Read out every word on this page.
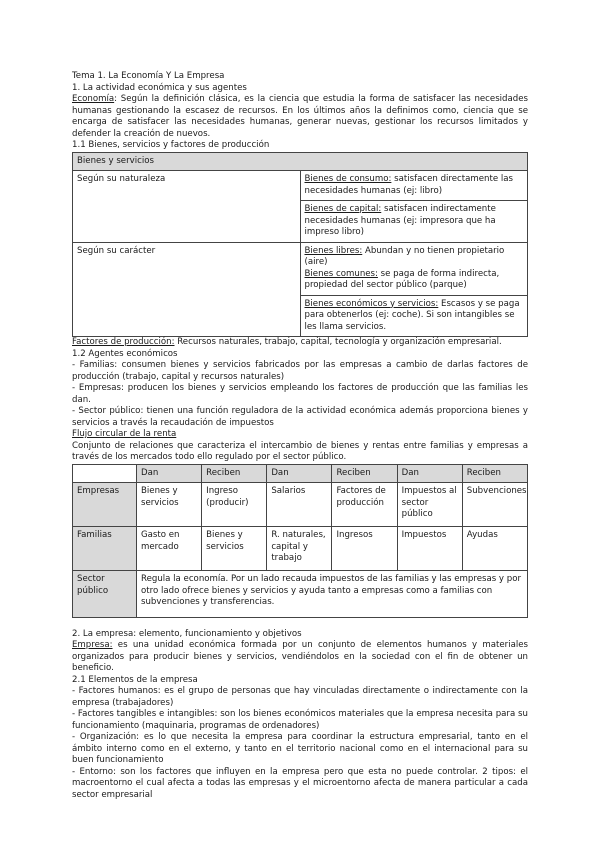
Tema 1. La Economía Y La Empresa

1. La actividad económica y sus agentes

Economía: Según la definición clásica, es la ciencia que estudia la forma de satisfacer las necesidades humanas gestionando la escasez de recursos. En los últimos años la definimos como, ciencia que se encarga de satisfacer las necesidades humanas, generar nuevas, gestionar los recursos limitados y defender la creación de nuevos.

1.1 Bienes, servicios y factores de producción

Bienes y servicios	
Según su naturaleza	Bienes de consumo: satisfacen directamente las necesidades humanas (ej: libro)
	Bienes de capital: satisfacen indirectamente necesidades humanas (ej: impresora que ha impreso libro)
Según su carácter	Bienes libres: Abundan y no tienen propietario (aire)
Bienes comunes: se paga de forma indirecta, propiedad del sector público (parque)
	Bienes económicos y servicios: Escasos y se paga para obtenerlos (ej: coche). Si son intangibles se les llama servicios.

Factores de producción: Recursos naturales, trabajo, capital, tecnología y organización empresarial.

1.2 Agentes económicos

- Familias: consumen bienes y servicios fabricados por las empresas a cambio de darlas factores de producción (trabajo, capital y recursos naturales)

- Empresas: producen los bienes y servicios empleando los factores de producción que las familias les dan.

- Sector público: tienen una función reguladora de la actividad económica además proporciona bienes y servicios a través la recaudación de impuestos

Flujo circular de la renta

Conjunto de relaciones que caracteriza el intercambio de bienes y rentas entre familias y empresas a través de los mercados todo ello regulado por el sector público.

	Dan	Reciben	Dan	Reciben	Dan	Reciben
Empresas	Bienes y servicios	Ingreso (producir)	Salarios	Factores de producción	Impuestos al sector público	Subvenciones
Familias	Gasto en mercado	Bienes y servicios	R. naturales, capital y trabajo	Ingresos	Impuestos	Ayudas
Sector público	Regula la economía. Por un lado recauda impuestos de las familias y las empresas y por otro lado ofrece bienes y servicios y ayuda tanto a empresas como a familias con subvenciones y transferencias.					

2. La empresa: elemento, funcionamiento y objetivos

Empresa: es una unidad económica formada por un conjunto de elementos humanos y materiales organizados para producir bienes y servicios, vendiéndolos en la sociedad con el fin de obtener un beneficio.

2.1 Elementos de la empresa

- Factores humanos: es el grupo de personas que hay vinculadas directamente o indirectamente con la empresa (trabajadores)

- Factores tangibles e intangibles: son los bienes económicos materiales que la empresa necesita para su funcionamiento (maquinaria, programas de ordenadores)

- Organización: es lo que necesita la empresa para coordinar la estructura empresarial, tanto en el ámbito interno como en el externo, y tanto en el territorio nacional como en el internacional para su buen funcionamiento

- Entorno: son los factores que influyen en la empresa pero que esta no puede controlar. 2 tipos: el macroentorno el cual afecta a todas las empresas y el microentorno afecta de manera particular a cada sector empresarial
